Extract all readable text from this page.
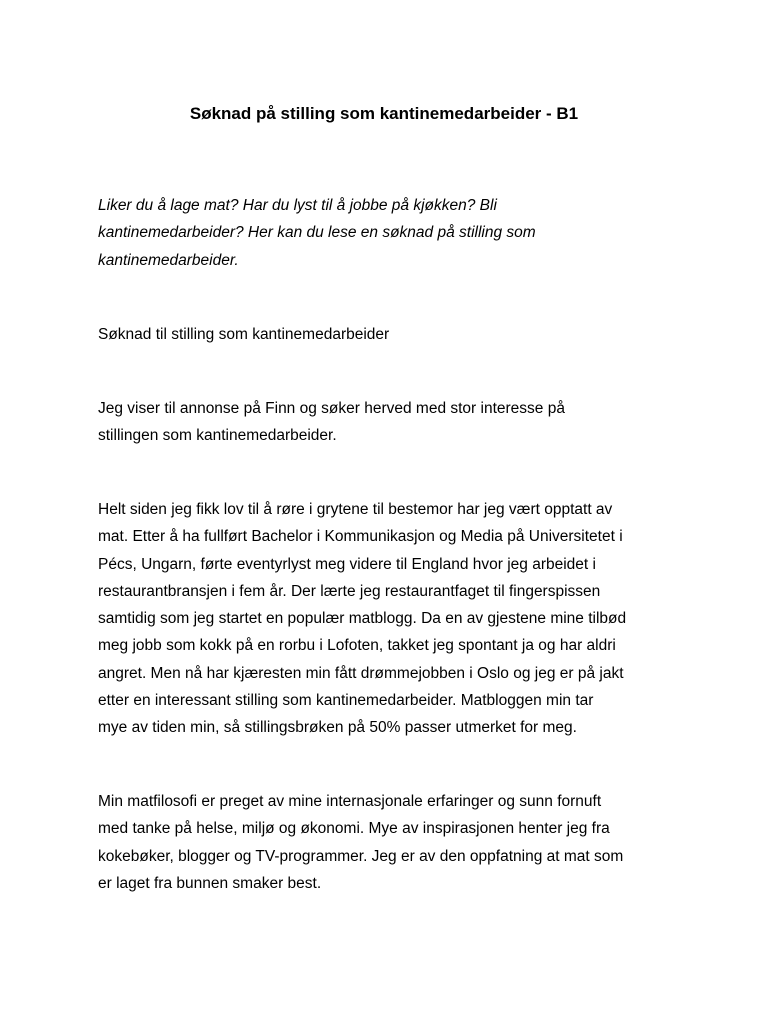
Søknad på stilling som kantinemedarbeider - B1

Liker du å lage mat? Har du lyst til å jobbe på kjøkken? Bli
kantinemedarbeider? Her kan du lese en søknad på stilling som
kantinemedarbeider.

Søknad til stilling som kantinemedarbeider

Jeg viser til annonse på Finn og søker herved med stor interesse på
stillingen som kantinemedarbeider.

Helt siden jeg fikk lov til å røre i grytene til bestemor har jeg vært opptatt av
mat. Etter å ha fullført Bachelor i Kommunikasjon og Media på Universitetet i
Pécs, Ungarn, førte eventyrlyst meg videre til England hvor jeg arbeidet i
restaurantbransjen i fem år. Der lærte jeg restaurantfaget til fingerspissen
samtidig som jeg startet en populær matblogg. Da en av gjestene mine tilbød
meg jobb som kokk på en rorbu i Lofoten, takket jeg spontant ja og har aldri
angret. Men nå har kjæresten min fått drømmejobben i Oslo og jeg er på jakt
etter en interessant stilling som kantinemedarbeider. Matbloggen min tar
mye av tiden min, så stillingsbrøken på 50% passer utmerket for meg.

Min matfilosofi er preget av mine internasjonale erfaringer og sunn fornuft
med tanke på helse, miljø og økonomi. Mye av inspirasjonen henter jeg fra
kokebøker, blogger og TV-programmer. Jeg er av den oppfatning at mat som
er laget fra bunnen smaker best.
